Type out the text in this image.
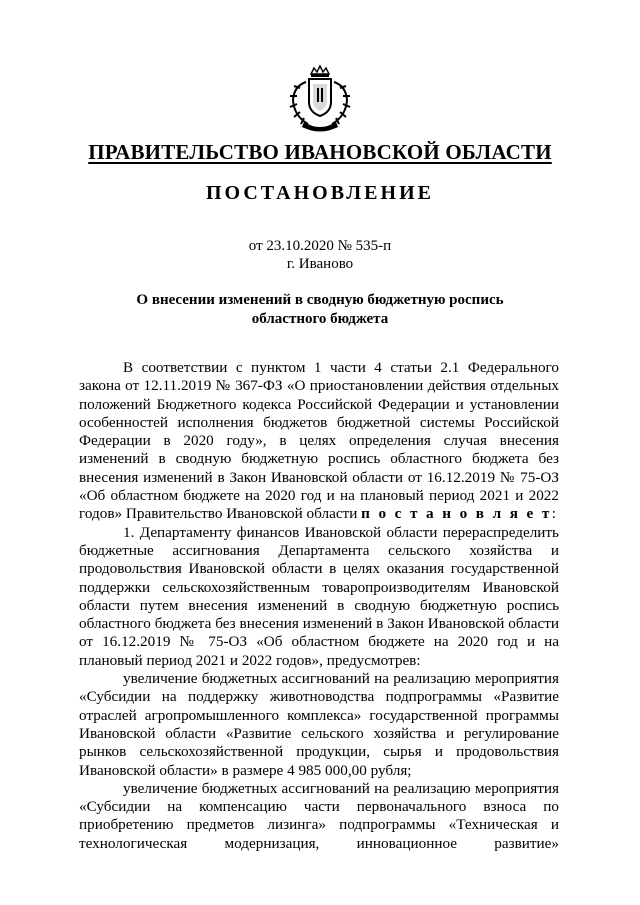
ПРАВИТЕЛЬСТВО ИВАНОВСКОЙ ОБЛАСТИ
ПОСТАНОВЛЕНИЕ
от 23.10.2020 № 535-п
г. Иваново
О внесении изменений в сводную бюджетную роспись
областного бюджета

В соответствии с пунктом 1 части 4 статьи 2.1 Федерального закона от 12.11.2019 № 367-ФЗ «О приостановлении действия отдельных положений Бюджетного кодекса Российской Федерации и установлении особенностей исполнения бюджетов бюджетной системы Российской Федерации в 2020 году», в целях определения случая внесения изменений в сводную бюджетную роспись областного бюджета без внесения изменений в Закон Ивановской области от 16.12.2019 № 75-ОЗ «Об областном бюджете на 2020 год и на плановый период 2021 и 2022 годов» Правительство Ивановской области п о с т а н о в л я е т:

1. Департаменту финансов Ивановской области перераспределить бюджетные ассигнования Департамента сельского хозяйства и продовольствия Ивановской области в целях оказания государственной поддержки сельскохозяйственным товаропроизводителям Ивановской области путем внесения изменений в сводную бюджетную роспись областного бюджета без внесения изменений в Закон Ивановской области от 16.12.2019 № 75-ОЗ «Об областном бюджете на 2020 год и на плановый период 2021 и 2022 годов», предусмотрев:

увеличение бюджетных ассигнований на реализацию мероприятия «Субсидии на поддержку животноводства подпрограммы «Развитие отраслей агропромышленного комплекса» государственной программы Ивановской области «Развитие сельского хозяйства и регулирование рынков сельскохозяйственной продукции, сырья и продовольствия Ивановской области» в размере 4 985 000,00 рубля;

увеличение бюджетных ассигнований на реализацию мероприятия «Субсидии на компенсацию части первоначального взноса по приобретению предметов лизинга» подпрограммы «Техническая и технологическая модернизация, инновационное развитие»
